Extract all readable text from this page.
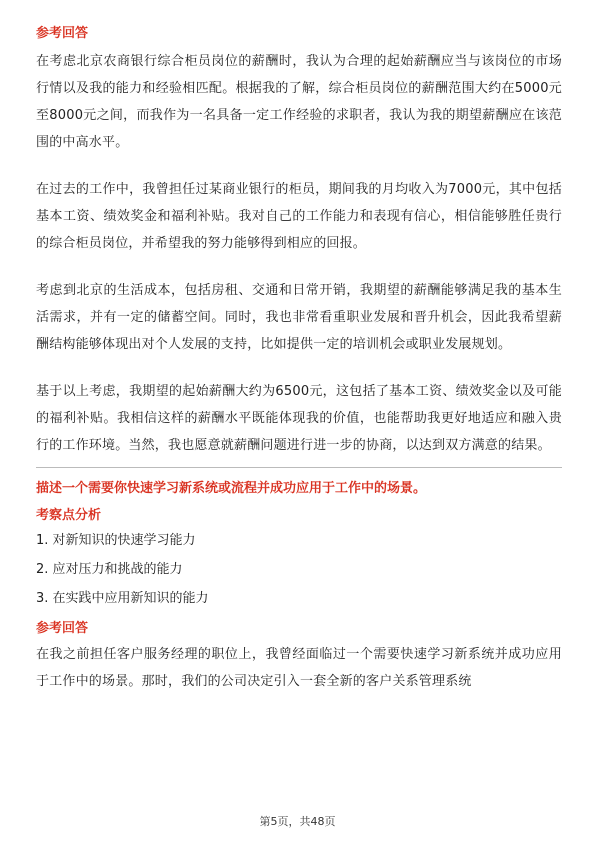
参考回答

在考虑北京农商银行综合柜员岗位的薪酬时，我认为合理的起始薪酬应当与该岗位的市场行情以及我的能力和经验相匹配。根据我的了解，综合柜员岗位的薪酬范围大约在5000元至8000元之间，而我作为一名具备一定工作经验的求职者，我认为我的期望薪酬应在该范围的中高水平。

在过去的工作中，我曾担任过某商业银行的柜员，期间我的月均收入为7000元，其中包括基本工资、绩效奖金和福利补贴。我对自己的工作能力和表现有信心，相信能够胜任贵行的综合柜员岗位，并希望我的努力能够得到相应的回报。

考虑到北京的生活成本，包括房租、交通和日常开销，我期望的薪酬能够满足我的基本生活需求，并有一定的储蓄空间。同时，我也非常看重职业发展和晋升机会，因此我希望薪酬结构能够体现出对个人发展的支持，比如提供一定的培训机会或职业发展规划。

基于以上考虑，我期望的起始薪酬大约为6500元，这包括了基本工资、绩效奖金以及可能的福利补贴。我相信这样的薪酬水平既能体现我的价值，也能帮助我更好地适应和融入贵行的工作环境。当然，我也愿意就薪酬问题进行进一步的协商，以达到双方满意的结果。

描述一个需要你快速学习新系统或流程并成功应用于工作中的场景。
考察点分析
1. 对新知识的快速学习能力
2. 应对压力和挑战的能力
3. 在实践中应用新知识的能力
参考回答

在我之前担任客户服务经理的职位上，我曾经面临过一个需要快速学习新系统并成功应用于工作中的场景。那时，我们的公司决定引入一套全新的客户关系管理系统

第5页，共48页
